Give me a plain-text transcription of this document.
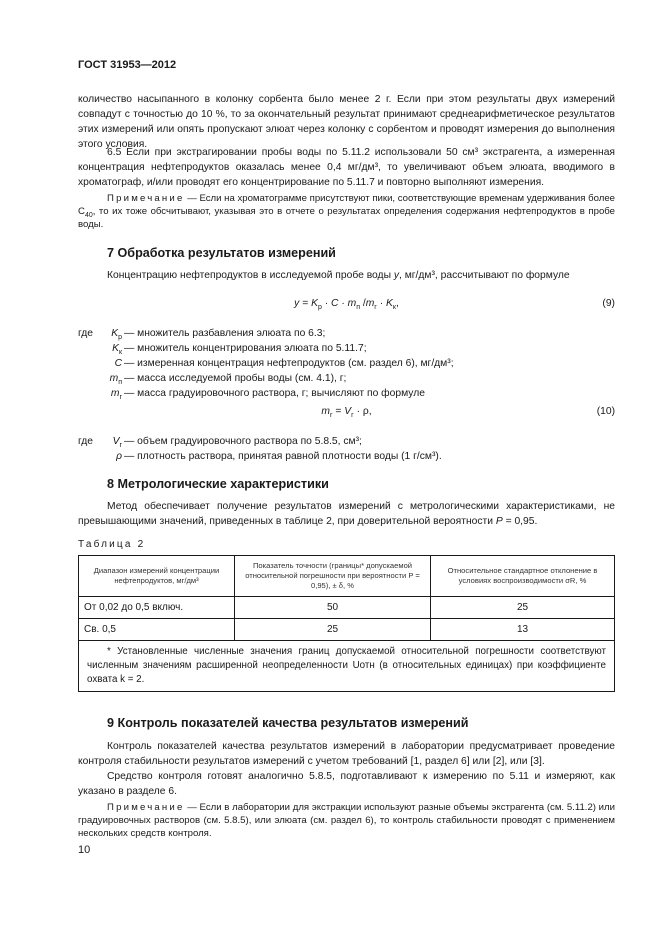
ГОСТ 31953—2012
количество насыпанного в колонку сорбента было менее 2 г. Если при этом результаты двух измерений совпадут с точностью до 10 %, то за окончательный результат принимают среднеарифметическое результатов этих измерений или опять пропускают элюат через колонку с сорбентом и проводят измерения до выполнения этого условия.
6.5 Если при экстрагировании пробы воды по 5.11.2 использовали 50 см³ экстрагента, а измеренная концентрация нефтепродуктов оказалась менее 0,4 мг/дм³, то увеличивают объем элюата, вводимого в хроматограф, и/или проводят его концентрирование по 5.11.7 и повторно выполняют измерения.
Примечание — Если на хроматограмме присутствуют пики, соответствующие временам удерживания более $C_{40}$, то их тоже обсчитывают, указывая это в отчете о результатах определения содержания нефтепродуктов в пробе воды.
7 Обработка результатов измерений
Концентрацию нефтепродуктов в исследуемой пробе воды y, мг/дм³, рассчитывают по формуле
$y = K_р \cdot C \cdot m_п$ $/m_г \cdot K_к$,	(9)
где	$K_р$ — множитель разбавления элюата по 6.3;
$K_к$ — множитель концентрирования элюата по 5.11.7;
C — измеренная концентрация нефтепродуктов (см. раздел 6), мг/дм³;
$m_п$ — масса исследуемой пробы воды (см. 4.1), г;
$m_г$ — масса градуировочного раствора, г; вычисляют по формуле
$m_г = V_г \cdot \rho$,	(10)
где	$V_г$ — объем градуировочного раствора по 5.8.5, см³;
ρ — плотность раствора, принятая равной плотности воды (1 г/см³).
8 Метрологические характеристики
Метод обеспечивает получение результатов измерений с метрологическими характеристиками, не превышающими значений, приведенных в таблице 2, при доверительной вероятности P = 0,95.
Таблица 2
Диапазон измерений концентрации нефтепродуктов, мг/дм³	Показатель точности (границы* допускаемой относительной погрешности при вероятности P = 0,95), ± δ, %	Относительное стандартное отклонение в условиях воспроизводимости σR, %
От 0,02 до 0,5 включ.	50	25
Св. 0,5	25	13
* Установленные численные значения границ допускаемой относительной погрешности соответствуют численным значениям расширенной неопределенности Uотн (в относительных единицах) при коэффициенте охвата k = 2.		
9 Контроль показателей качества результатов измерений
Контроль показателей качества результатов измерений в лаборатории предусматривает проведение контроля стабильности результатов измерений с учетом требований [1, раздел 6] или [2], или [3].
Средство контроля готовят аналогично 5.8.5, подготавливают к измерению по 5.11 и измеряют, как указано в разделе 6.
Примечание — Если в лаборатории для экстракции используют разные объемы экстрагента (см. 5.11.2) или градуировочных растворов (см. 5.8.5), или элюата (см. раздел 6), то контроль стабильности проводят с применением нескольких средств контроля.
10
